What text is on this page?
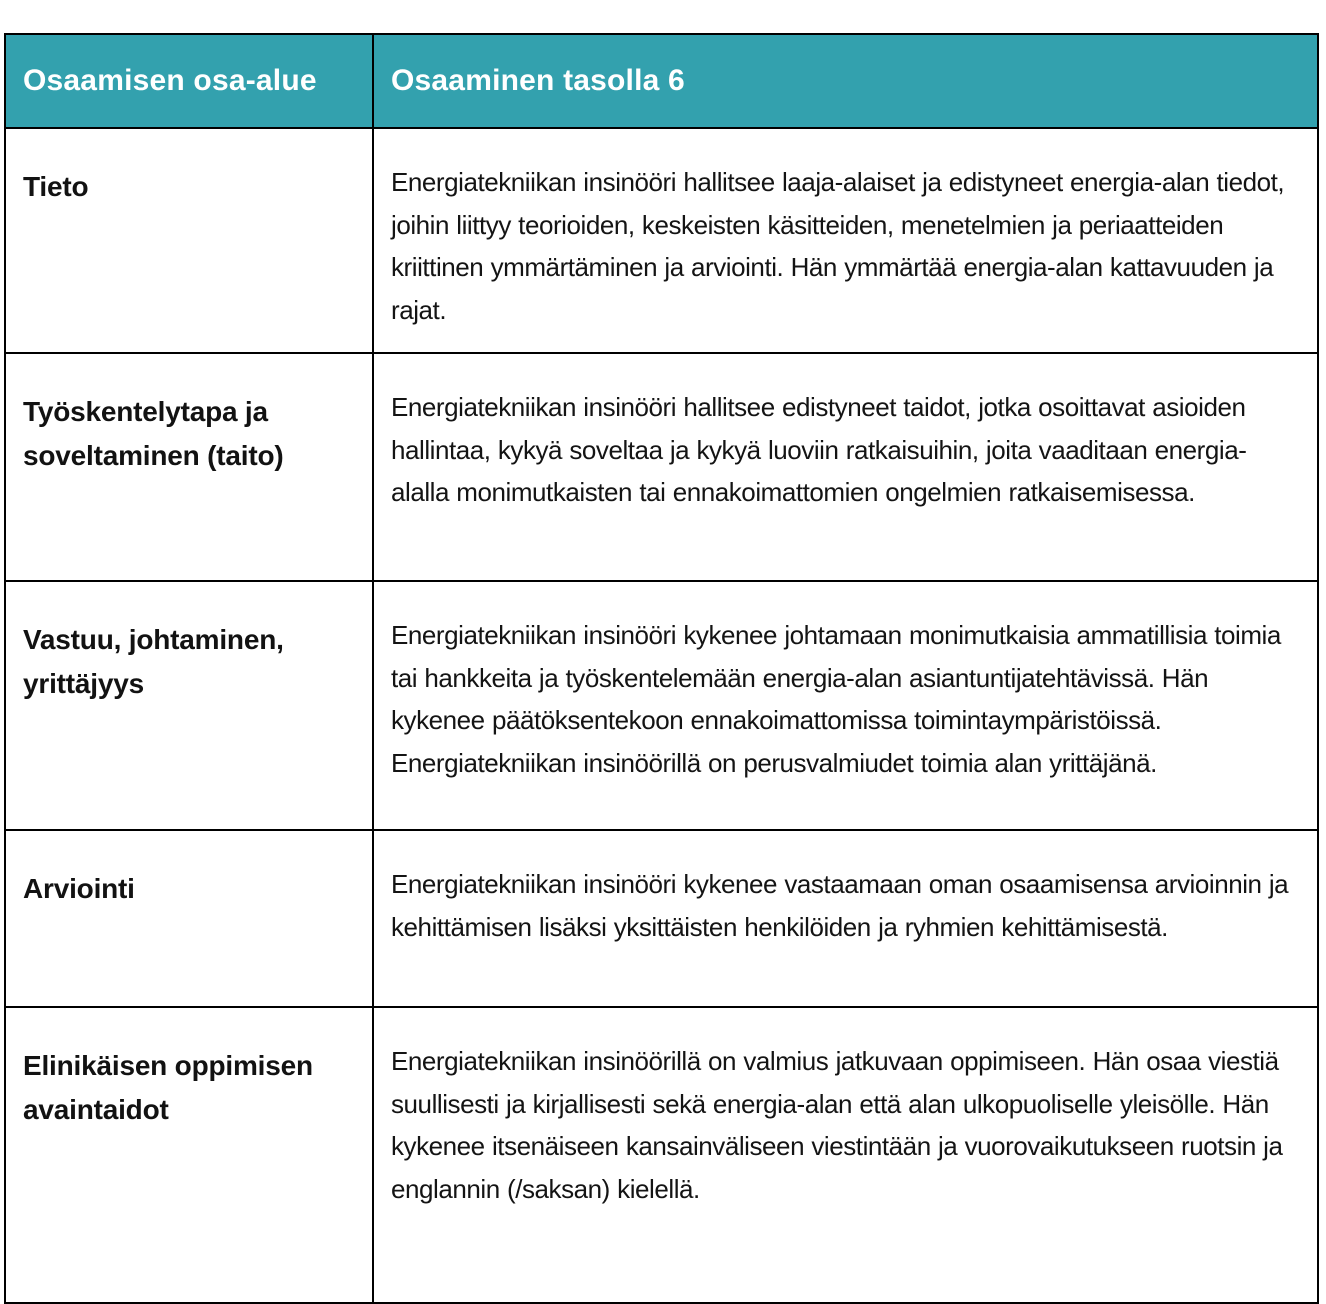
Osaamisen osa-alue Osaaminen tasolla 6
Tieto	Energiatekniikan insinööri hallitsee laaja-alaiset ja edistyneet energia-alan tiedot, joihin liittyy teorioiden, keskeisten käsitteiden, menetelmien ja periaatteiden kriittinen ymmärtäminen ja arviointi. Hän ymmärtää energia-alan kattavuuden ja rajat.
Työskentelytapa ja soveltaminen (taito)
Energiatekniikan insinööri hallitsee edistyneet taidot, jotka osoittavat asioiden hallintaa, kykyä soveltaa ja kykyä luoviin ratkaisuihin, joita vaaditaan energia-alalla monimutkaisten tai ennakoimattomien ongelmien ratkaisemisessa.
Vastuu, johtaminen, yrittäjyys
Energiatekniikan insinööri kykenee johtamaan monimutkaisia ammatillisia toimia tai hankkeita ja työskentelemään energia-alan asiantuntijatehtävissä. Hän kykenee päätöksentekoon ennakoimattomissa toimintaympäristöissä. Energiatekniikan insinöörillä on perusvalmiudet toimia alan yrittäjänä.
Arviointi	Energiatekniikan insinööri kykenee vastaamaan oman osaamisensa arvioinnin ja kehittämisen lisäksi yksittäisten henkilöiden ja ryhmien kehittämisestä.
Elinikäisen oppimisen avaintaidot
Energiatekniikan insinöörillä on valmius jatkuvaan oppimiseen. Hän osaa viestiä suullisesti ja kirjallisesti sekä energia-alan että alan ulkopuoliselle yleisölle. Hän kykenee itsenäiseen kansainväliseen viestintään ja vuorovaikutukseen ruotsin ja englannin (/saksan) kielellä.
